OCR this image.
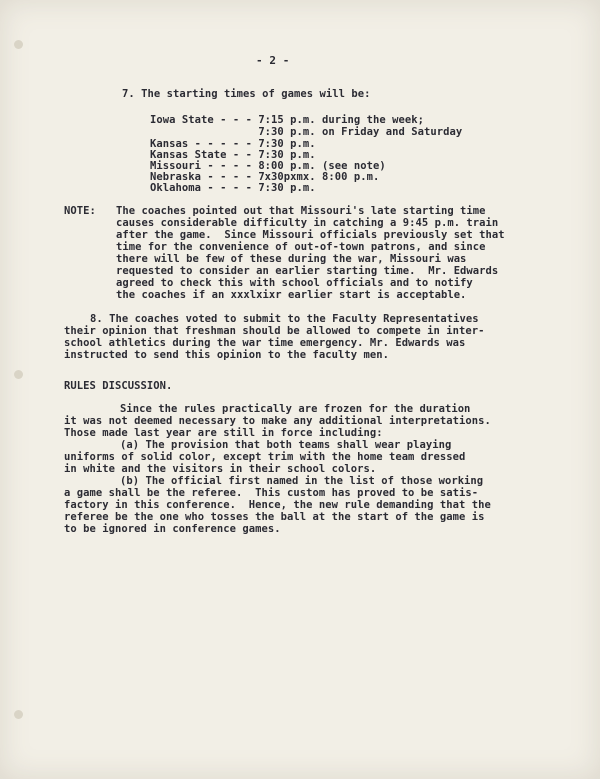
- 2 -
7. The starting times of games will be:
Iowa State - - - 7:15 p.m. during the week;
7:30 p.m. on Friday and Saturday
Kansas - - - - - 7:30 p.m.
Kansas State - - 7:30 p.m.
Missouri - - - - 8:00 p.m. (see note)
Nebraska - - - - 7x30pxmx. 8:00 p.m.
Oklahoma - - - - 7:30 p.m.
NOTE: The coaches pointed out that Missouri's late starting time
causes considerable difficulty in catching a 9:45 p.m. train
after the game.  Since Missouri officials previously set that
time for the convenience of out-of-town patrons, and since
there will be few of these during the war, Missouri was
requested to consider an earlier starting time.  Mr. Edwards
agreed to check this with school officials and to notify
the coaches if an xxxlxixr earlier start is acceptable.
8. The coaches voted to submit to the Faculty Representatives
their opinion that freshman should be allowed to compete in inter-
school athletics during the war time emergency. Mr. Edwards was
instructed to send this opinion to the faculty men.
RULES DISCUSSION.
Since the rules practically are frozen for the duration
it was not deemed necessary to make any additional interpretations.
Those made last year are still in force including:
(a) The provision that both teams shall wear playing
uniforms of solid color, except trim with the home team dressed
in white and the visitors in their school colors.
(b) The official first named in the list of those working
a game shall be the referee.  This custom has proved to be satis-
factory in this conference.  Hence, the new rule demanding that the
referee be the one who tosses the ball at the start of the game is
to be ignored in conference games.
